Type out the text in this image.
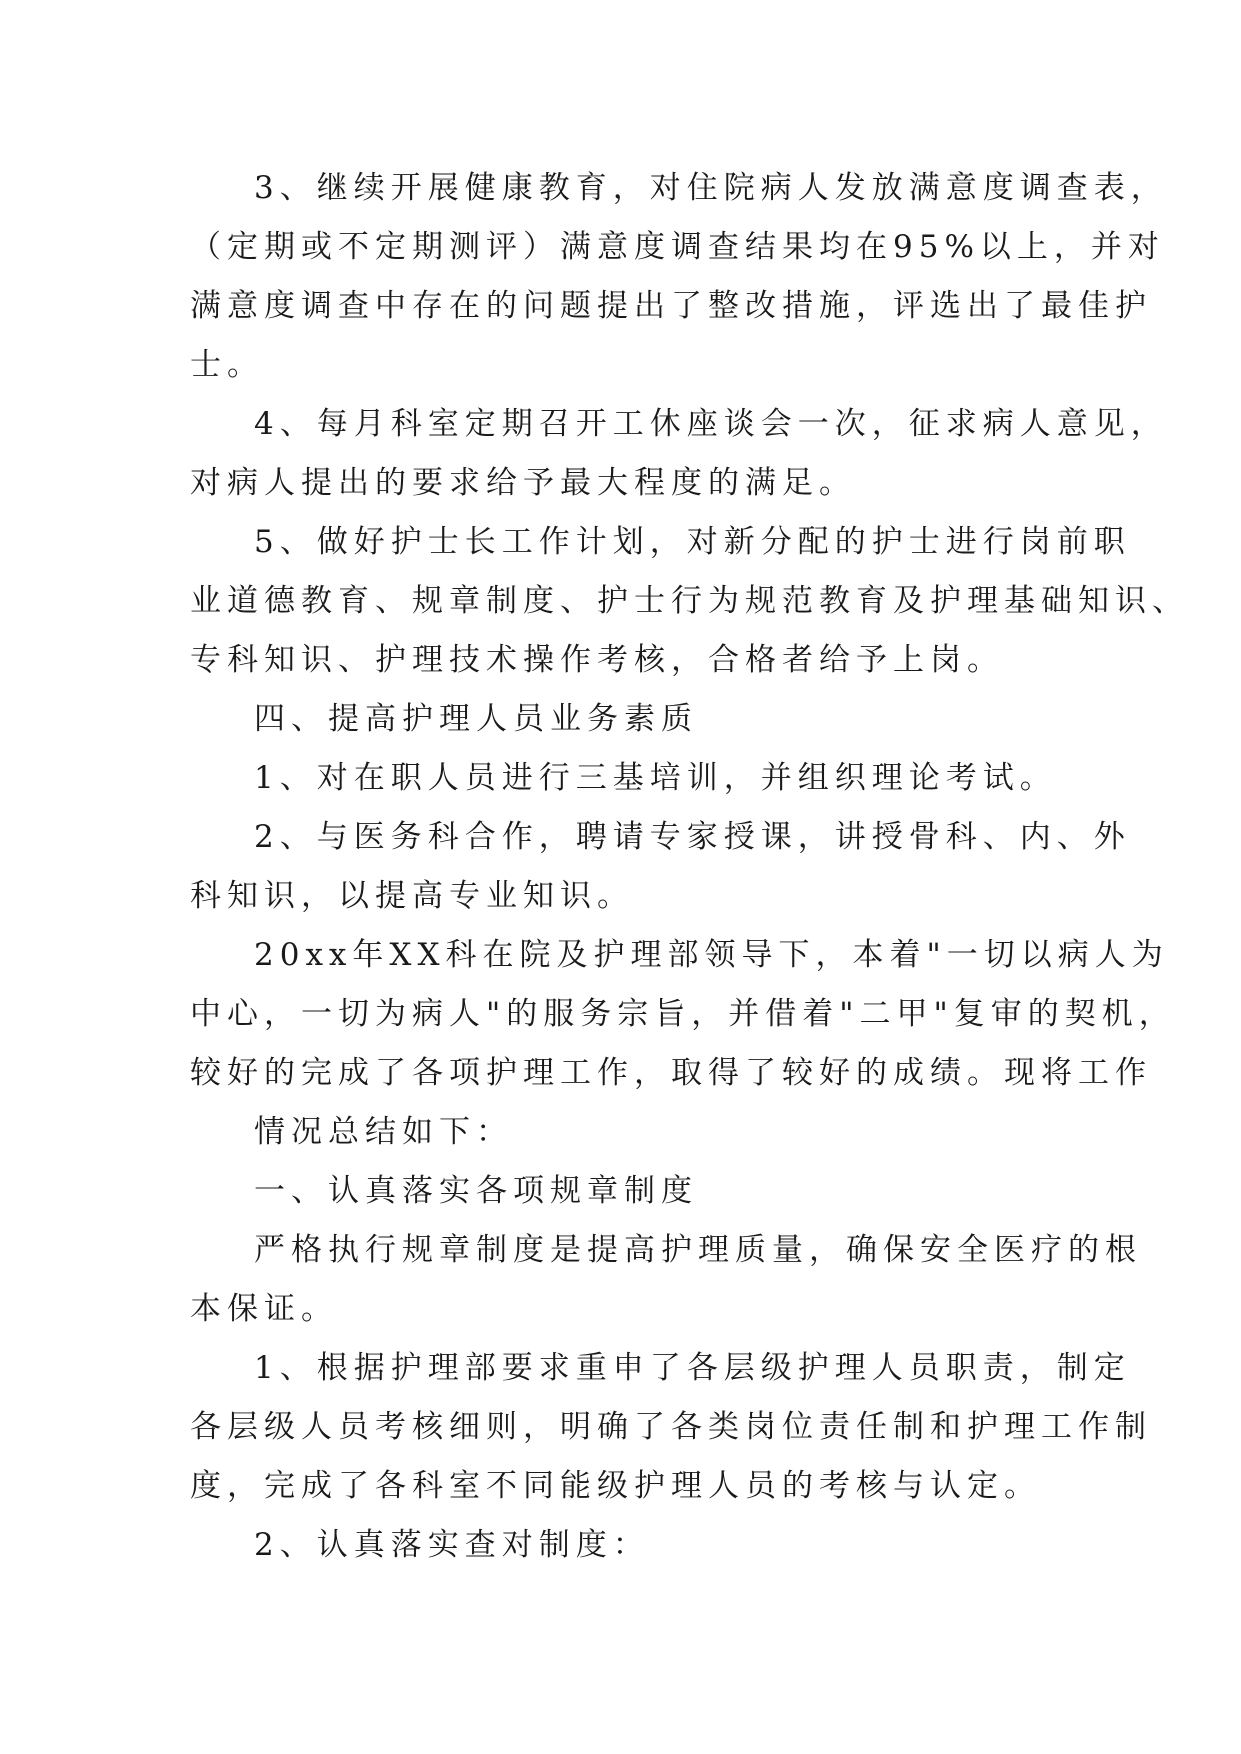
3、继续开展健康教育，对住院病人发放满意度调查表，
（定期或不定期测评）满意度调查结果均在95%以上，并对
满意度调查中存在的问题提出了整改措施，评选出了最佳护
士。
4、每月科室定期召开工休座谈会一次，征求病人意见，
对病人提出的要求给予最大程度的满足。
5、做好护士长工作计划，对新分配的护士进行岗前职
业道德教育、规章制度、护士行为规范教育及护理基础知识、
专科知识、护理技术操作考核，合格者给予上岗。
四、提高护理人员业务素质
1、对在职人员进行三基培训，并组织理论考试。
2、与医务科合作，聘请专家授课，讲授骨科、内、外
科知识，以提高专业知识。
20xx年XX科在院及护理部领导下，本着"一切以病人为
中心，一切为病人"的服务宗旨，并借着"二甲"复审的契机，
较好的完成了各项护理工作，取得了较好的成绩。现将工作
情况总结如下：
一、认真落实各项规章制度
严格执行规章制度是提高护理质量，确保安全医疗的根
本保证。
1、根据护理部要求重申了各层级护理人员职责，制定
各层级人员考核细则，明确了各类岗位责任制和护理工作制
度，完成了各科室不同能级护理人员的考核与认定。
2、认真落实查对制度：
